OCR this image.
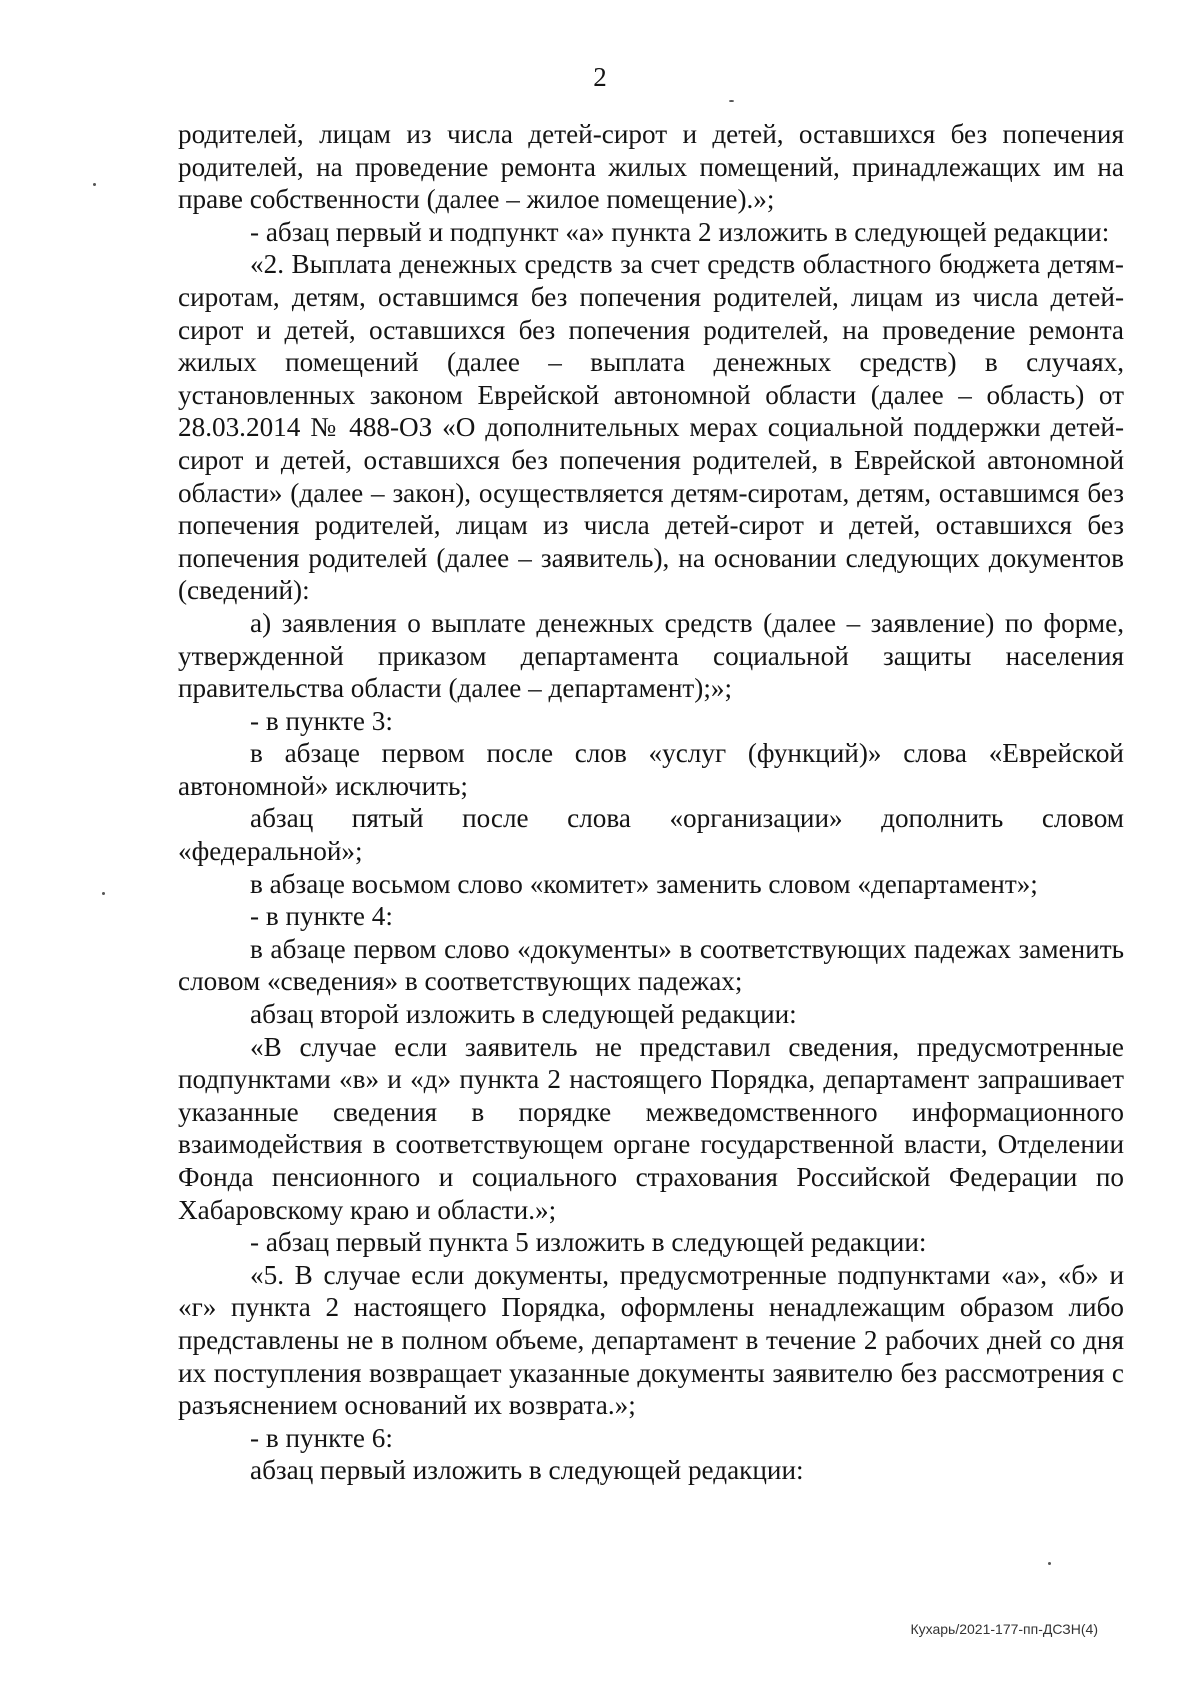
2

родителей, лицам из числа детей-сирот и детей, оставшихся без попечения родителей, на проведение ремонта жилых помещений, принадлежащих им на праве собственности (далее – жилое помещение).»;

- абзац первый и подпункт «а» пункта 2 изложить в следующей редакции:

«2. Выплата денежных средств за счет средств областного бюджета детям-сиротам, детям, оставшимся без попечения родителей, лицам из числа детей-сирот и детей, оставшихся без попечения родителей, на проведение ремонта жилых помещений (далее – выплата денежных средств) в случаях, установленных законом Еврейской автономной области (далее – область) от 28.03.2014 № 488-ОЗ «О дополнительных мерах социальной поддержки детей-сирот и детей, оставшихся без попечения родителей, в Еврейской автономной области» (далее – закон), осуществляется детям-сиротам, детям, оставшимся без попечения родителей, лицам из числа детей-сирот и детей, оставшихся без попечения родителей (далее – заявитель), на основании следующих документов (сведений):

а) заявления о выплате денежных средств (далее – заявление) по форме, утвержденной приказом департамента социальной защиты населения правительства области (далее – департамент);»;

- в пункте 3:

в абзаце первом после слов «услуг (функций)» слова «Еврейской автономной» исключить;

абзац пятый после слова «организации» дополнить словом «федеральной»;

в абзаце восьмом слово «комитет» заменить словом «департамент»;

- в пункте 4:

в абзаце первом слово «документы» в соответствующих падежах заменить словом «сведения» в соответствующих падежах;

абзац второй изложить в следующей редакции:

«В случае если заявитель не представил сведения, предусмотренные подпунктами «в» и «д» пункта 2 настоящего Порядка, департамент запрашивает указанные сведения в порядке межведомственного информационного взаимодействия в соответствующем органе государственной власти, Отделении Фонда пенсионного и социального страхования Российской Федерации по Хабаровскому краю и области.»;

- абзац первый пункта 5 изложить в следующей редакции:

«5. В случае если документы, предусмотренные подпунктами «а», «б» и «г» пункта 2 настоящего Порядка, оформлены ненадлежащим образом либо представлены не в полном объеме, департамент в течение 2 рабочих дней со дня их поступления возвращает указанные документы заявителю без рассмотрения с разъяснением оснований их возврата.»;

- в пункте 6:

абзац первый изложить в следующей редакции:

Кухарь/2021-177-пп-ДСЗН(4)
